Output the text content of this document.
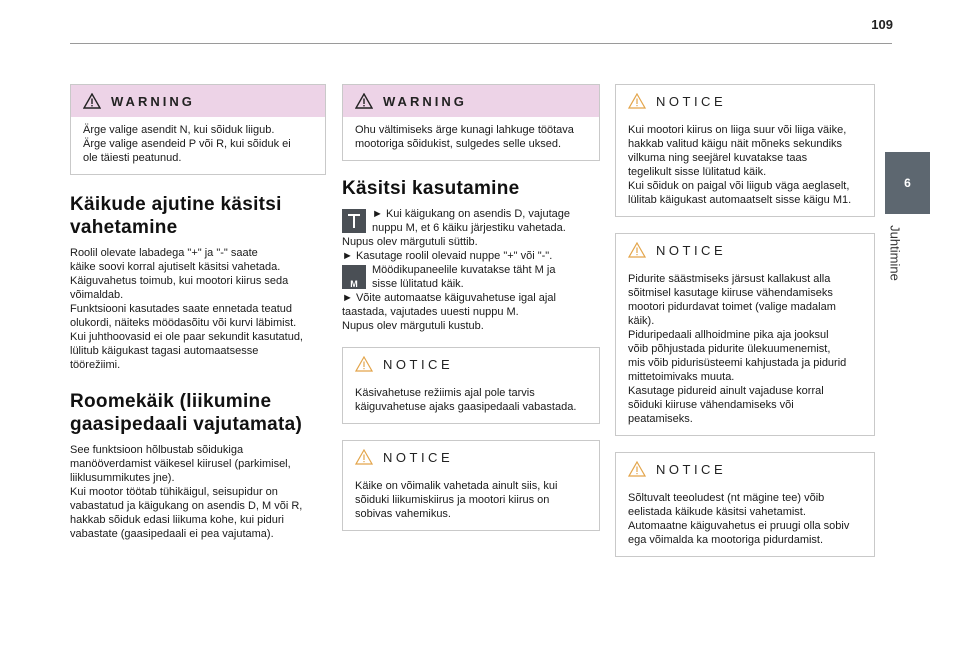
109
6
Juhtimine
WARNING

Ärge valige asendit N, kui sõiduk liigub.

Ärge valige asendeid P või R, kui sõiduk ei

ole täiesti peatunud.

Käikude ajutine käsitsi
vahetamine

Roolil olevate labadega "+" ja "-" saate

käike soovi korral ajutiselt käsitsi vahetada.

Käiguvahetus toimub, kui mootori kiirus seda

võimaldab.

Funktsiooni kasutades saate ennetada teatud

olukordi, näiteks möödasõitu või kurvi läbimist.

Kui juhthoovasid ei ole paar sekundit kasutatud,

lülitub käigukast tagasi automaatsesse

töörežiimi.

Roomekäik (liikumine
gaasipedaali vajutamata)

See funktsioon hõlbustab sõidukiga

manööverdamist väikesel kiirusel (parkimisel,

liiklusummikutes jne).

Kui mootor töötab tühikäigul, seisupidur on

vabastatud ja käigukang on asendis D, M või R,

hakkab sõiduk edasi liikuma kohe, kui piduri

vabastate (gaasipedaali ei pea vajutama).

WARNING

Ohu vältimiseks ärge kunagi lahkuge töötava

mootoriga sõidukist, sulgedes selle uksed.

Käsitsi kasutamine

► Kui käigukang on asendis D, vajutage

nuppu M, et 6 käiku järjestiku vahetada.

Nupus olev märgutuli süttib.

► Kasutage roolil olevaid nuppe "+" või "-".

M

Möödikupaneelile kuvatakse täht M ja

sisse lülitatud käik.

► Võite automaatse käiguvahetuse igal ajal

taastada, vajutades uuesti nuppu M.

Nupus olev märgutuli kustub.

NOTICE

Käsivahetuse režiimis ajal pole tarvis

käiguvahetuse ajaks gaasipedaali vabastada.

NOTICE

Käike on võimalik vahetada ainult siis, kui

sõiduki liikumiskiirus ja mootori kiirus on

sobivas vahemikus.

NOTICE

Kui mootori kiirus on liiga suur või liiga väike,

hakkab valitud käigu näit mõneks sekundiks

vilkuma ning seejärel kuvatakse taas

tegelikult sisse lülitatud käik.

Kui sõiduk on paigal või liigub väga aeglaselt,

lülitab käigukast automaatselt sisse käigu M1.

NOTICE

Pidurite säästmiseks järsust kallakust alla

sõitmisel kasutage kiiruse vähendamiseks

mootori pidurdavat toimet (valige madalam

käik).

Piduripedaali allhoidmine pika aja jooksul

võib põhjustada pidurite ülekuumenemist,

mis võib pidurisüsteemi kahjustada ja pidurid

mittetoimivaks muuta.

Kasutage pidureid ainult vajaduse korral

sõiduki kiiruse vähendamiseks või

peatamiseks.

NOTICE

Sõltuvalt teeoludest (nt mägine tee) võib

eelistada käikude käsitsi vahetamist.

Automaatne käiguvahetus ei pruugi olla sobiv

ega võimalda ka mootoriga pidurdamist.
